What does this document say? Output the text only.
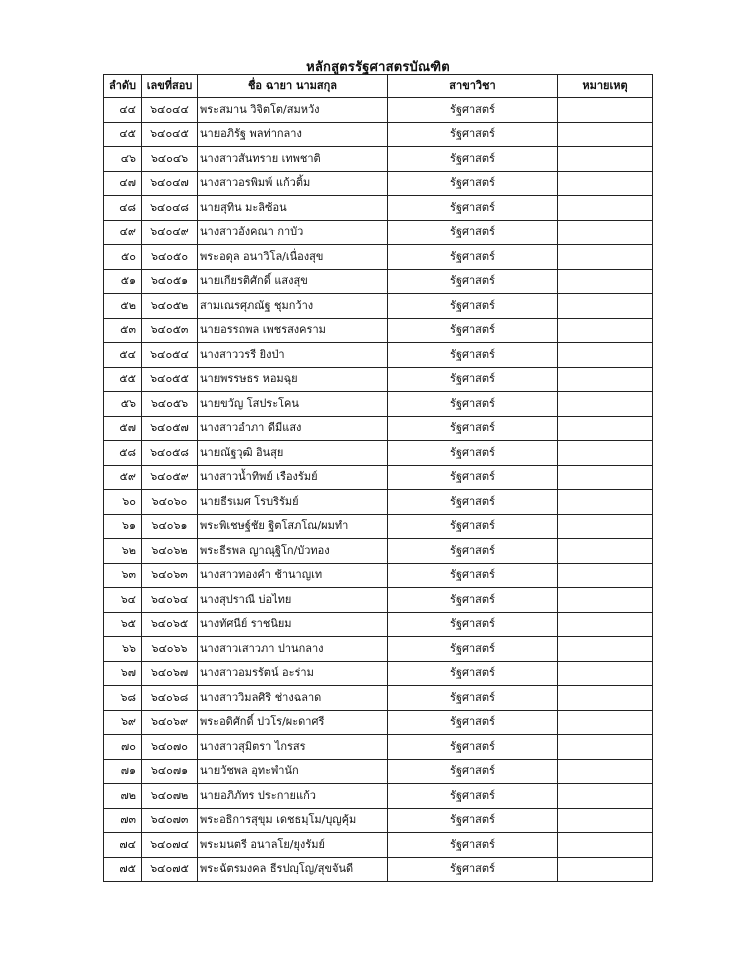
หลักสูตรรัฐศาสตรบัณฑิต
ลำดับ	เลขที่สอบ	ชื่อ ฉายา นามสกุล	สาขาวิชา	หมายเหตุ
๔๔	๖๔๐๔๔	พระสมาน วิจิตโต/สมหวัง	รัฐศาสตร์	
๔๕	๖๔๐๔๕	นายอภิรัฐ พลท่ากลาง	รัฐศาสตร์	
๔๖	๖๔๐๔๖	นางสาวสันทราย เทพชาติ	รัฐศาสตร์	
๔๗	๖๔๐๔๗	นางสาวอรพิมพ์ แก้วติ้ม	รัฐศาสตร์	
๔๘	๖๔๐๔๘	นายสุทิน มะลิซ้อน	รัฐศาสตร์	
๔๙	๖๔๐๔๙	นางสาวอังคณา กาบัว	รัฐศาสตร์	
๕๐	๖๔๐๕๐	พระอดุล อนาวิโล/เนื่องสุข	รัฐศาสตร์	
๕๑	๖๔๐๕๑	นายเกียรติศักดิ์ แสงสุข	รัฐศาสตร์	
๕๒	๖๔๐๕๒	สามเณรศุภณัฐ ชุมกว้าง	รัฐศาสตร์	
๕๓	๖๔๐๕๓	นายอรรถพล เพชรสงคราม	รัฐศาสตร์	
๕๔	๖๔๐๕๔	นางสาววรรี ยิงป่า	รัฐศาสตร์	
๕๕	๖๔๐๕๕	นายพรรษธร หอมฉุย	รัฐศาสตร์	
๕๖	๖๔๐๕๖	นายขวัญ โสประโคน	รัฐศาสตร์	
๕๗	๖๔๐๕๗	นางสาวอำภา ดีมีแสง	รัฐศาสตร์	
๕๘	๖๔๐๕๘	นายณัฐวุฒิ อินสุย	รัฐศาสตร์	
๕๙	๖๔๐๕๙	นางสาวน้ำทิพย์ เรืองรัมย์	รัฐศาสตร์	
๖๐	๖๔๐๖๐	นายธีรเมศ โรบริรัมย์	รัฐศาสตร์	
๖๑	๖๔๐๖๑	พระพิเชษฐ์ชัย ฐิตโสภโณ/ผมทำ	รัฐศาสตร์	
๖๒	๖๔๐๖๒	พระธีรพล ญาณุฐิโก/บัวทอง	รัฐศาสตร์	
๖๓	๖๔๐๖๓	นางสาวทองคำ ช้านาญเท	รัฐศาสตร์	
๖๔	๖๔๐๖๔	นางสุปราณี บ่อไทย	รัฐศาสตร์	
๖๕	๖๔๐๖๕	นางทัศนีย์ ราชนิยม	รัฐศาสตร์	
๖๖	๖๔๐๖๖	นางสาวเสาวภา ปานกลาง	รัฐศาสตร์	
๖๗	๖๔๐๖๗	นางสาวอมรรัตน์ อะร่าม	รัฐศาสตร์	
๖๘	๖๔๐๖๘	นางสาววิมลศิริ ช่างฉลาด	รัฐศาสตร์	
๖๙	๖๔๐๖๙	พระอดิศักดิ์ ปวโร/ผะดาศรี	รัฐศาสตร์	
๗๐	๖๔๐๗๐	นางสาวสุมิตรา ไกรสร	รัฐศาสตร์	
๗๑	๖๔๐๗๑	นายวัชพล อุทะพำนัก	รัฐศาสตร์	
๗๒	๖๔๐๗๒	นายอภิภัทร ประกายแก้ว	รัฐศาสตร์	
๗๓	๖๔๐๗๓	พระอธิการสุขุม เดชธมฺโม/บุญคุ้ม	รัฐศาสตร์	
๗๔	๖๔๐๗๔	พระมนตรี อนาลโย/ยุงรัมย์	รัฐศาสตร์	
๗๕	๖๔๐๗๕	พระฉัตรมงคล ธีรปญฺโญ/สุขจันดี	รัฐศาสตร์	
